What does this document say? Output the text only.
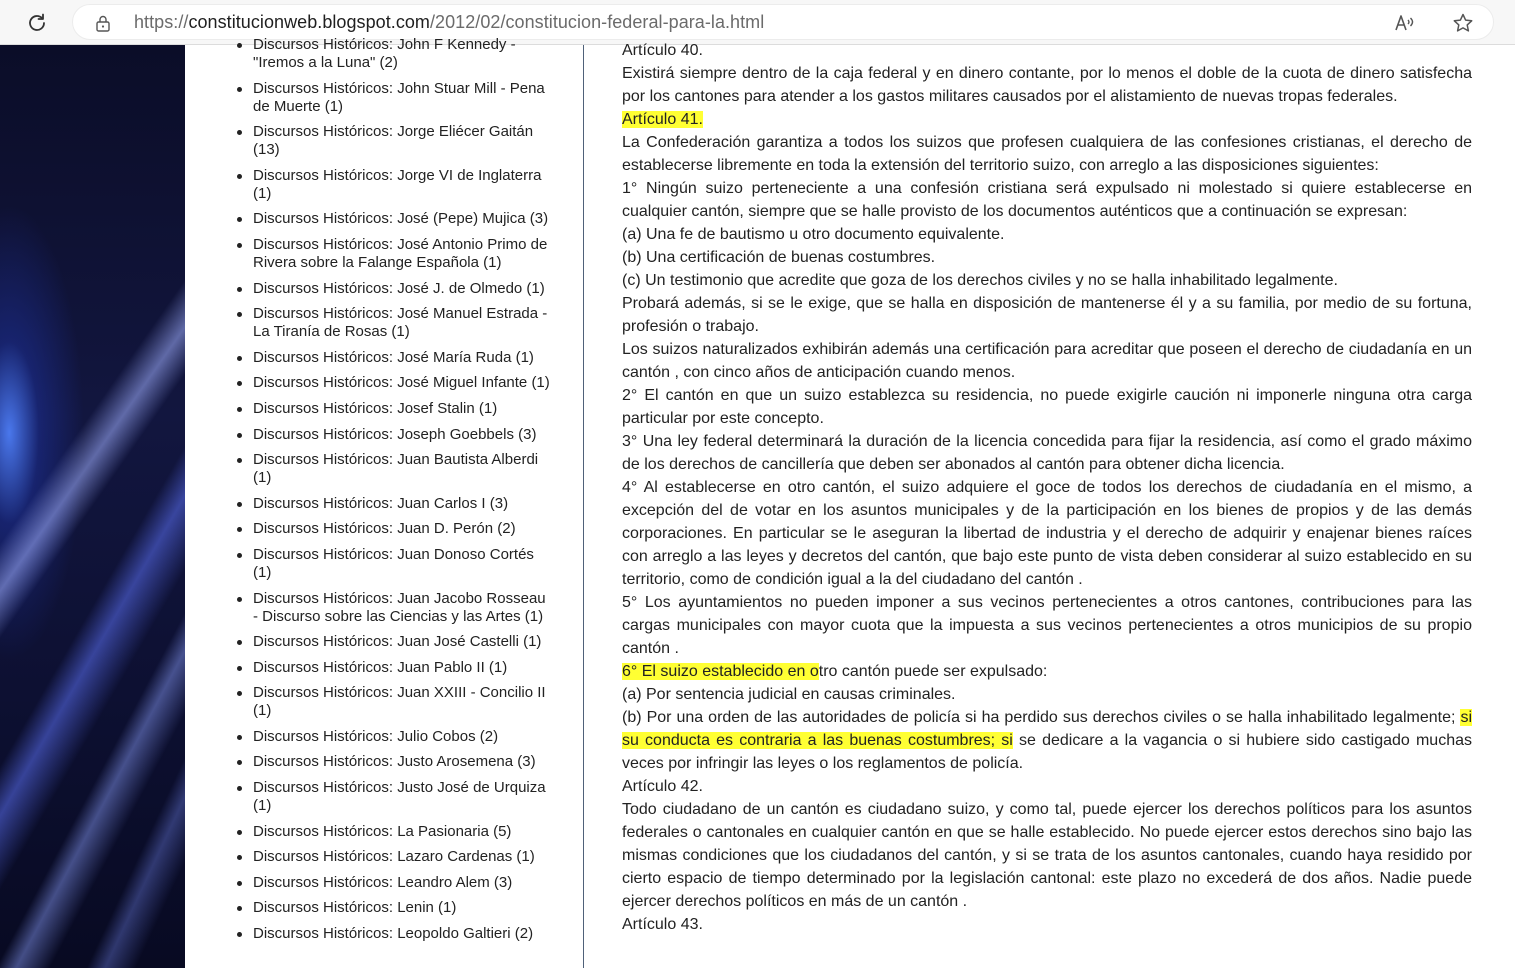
https://constitucionweb.blogspot.com/2012/02/constitucion-federal-para-la.html
Discursos Históricos: John F Kennedy - "Iremos a la Luna" (2)
Discursos Históricos: John Stuar Mill - Pena de Muerte (1)
Discursos Históricos: Jorge Eliécer Gaitán (13)
Discursos Históricos: Jorge VI de Inglaterra (1)
Discursos Históricos: José (Pepe) Mujica (3)
Discursos Históricos: José Antonio Primo de Rivera sobre la Falange Española (1)
Discursos Históricos: José J. de Olmedo (1)
Discursos Históricos: José Manuel Estrada - La Tiranía de Rosas (1)
Discursos Históricos: José María Ruda (1)
Discursos Históricos: José Miguel Infante (1)
Discursos Históricos: Josef Stalin (1)
Discursos Históricos: Joseph Goebbels (3)
Discursos Históricos: Juan Bautista Alberdi (1)
Discursos Históricos: Juan Carlos I (3)
Discursos Históricos: Juan D. Perón (2)
Discursos Históricos: Juan Donoso Cortés (1)
Discursos Históricos: Juan Jacobo Rosseau - Discurso sobre las Ciencias y las Artes (1)
Discursos Históricos: Juan José Castelli (1)
Discursos Históricos: Juan Pablo II (1)
Discursos Históricos: Juan XXIII - Concilio II (1)
Discursos Históricos: Julio Cobos (2)
Discursos Históricos: Justo Arosemena (3)
Discursos Históricos: Justo José de Urquiza (1)
Discursos Históricos: La Pasionaria (5)
Discursos Históricos: Lazaro Cardenas (1)
Discursos Históricos: Leandro Alem (3)
Discursos Históricos: Lenin (1)
Discursos Históricos: Leopoldo Galtieri (2)

Artículo 40.

Existirá siempre dentro de la caja federal y en dinero contante, por lo menos el doble de la cuota de dinero satisfecha por los cantones para atender a los gastos militares causados por el alistamiento de nuevas tropas federales.

Artículo 41.

La Confederación garantiza a todos los suizos que profesen cualquiera de las confesiones cristianas, el derecho de establecerse libremente en toda la extensión del territorio suizo, con arreglo a las disposiciones siguientes:

1° Ningún suizo perteneciente a una confesión cristiana será expulsado ni molestado si quiere establecerse en cualquier cantón, siempre que se halle provisto de los documentos auténticos que a continuación se expresan:

(a) Una fe de bautismo u otro documento equivalente.

(b) Una certificación de buenas costumbres.

(c) Un testimonio que acredite que goza de los derechos civiles y no se halla inhabilitado legalmente.

Probará además, si se le exige, que se halla en disposición de mantenerse él y a su familia, por medio de su fortuna, profesión o trabajo.

Los suizos naturalizados exhibirán además una certificación para acreditar que poseen el derecho de ciudadanía en un cantón , con cinco años de anticipación cuando menos.

2° El cantón en que un suizo establezca su residencia, no puede exigirle caución ni imponerle ninguna otra carga particular por este concepto.

3° Una ley federal determinará la duración de la licencia concedida para fijar la residencia, así como el grado máximo de los derechos de cancillería que deben ser abonados al cantón para obtener dicha licencia.

4° Al establecerse en otro cantón, el suizo adquiere el goce de todos los derechos de ciudadanía en el mismo, a excepción del de votar en los asuntos municipales y de la participación en los bienes de propios y de las demás corporaciones. En particular se le aseguran la libertad de industria y el derecho de adquirir y enajenar bienes raíces con arreglo a las leyes y decretos del cantón, que bajo este punto de vista deben considerar al suizo establecido en su territorio, como de condición igual a la del ciudadano del cantón .

5° Los ayuntamientos no pueden imponer a sus vecinos pertenecientes a otros cantones, contribuciones para las cargas municipales con mayor cuota que la impuesta a sus vecinos pertenecientes a otros municipios de su propio cantón .

6° El suizo establecido en otro cantón puede ser expulsado:

(a) Por sentencia judicial en causas criminales.

(b) Por una orden de las autoridades de policía si ha perdido sus derechos civiles o se halla inhabilitado legalmente; si su conducta es contraria a las buenas costumbres; si se dedicare a la vagancia o si hubiere sido castigado muchas veces por infringir las leyes o los reglamentos de policía.

Artículo 42.

Todo ciudadano de un cantón es ciudadano suizo, y como tal, puede ejercer los derechos políticos para los asuntos federales o cantonales en cualquier cantón en que se halle establecido. No puede ejercer estos derechos sino bajo las mismas condiciones que los ciudadanos del cantón, y si se trata de los asuntos cantonales, cuando haya residido por cierto espacio de tiempo determinado por la legislación cantonal: este plazo no excederá de dos años. Nadie puede ejercer derechos políticos en más de un cantón .

Artículo 43.
